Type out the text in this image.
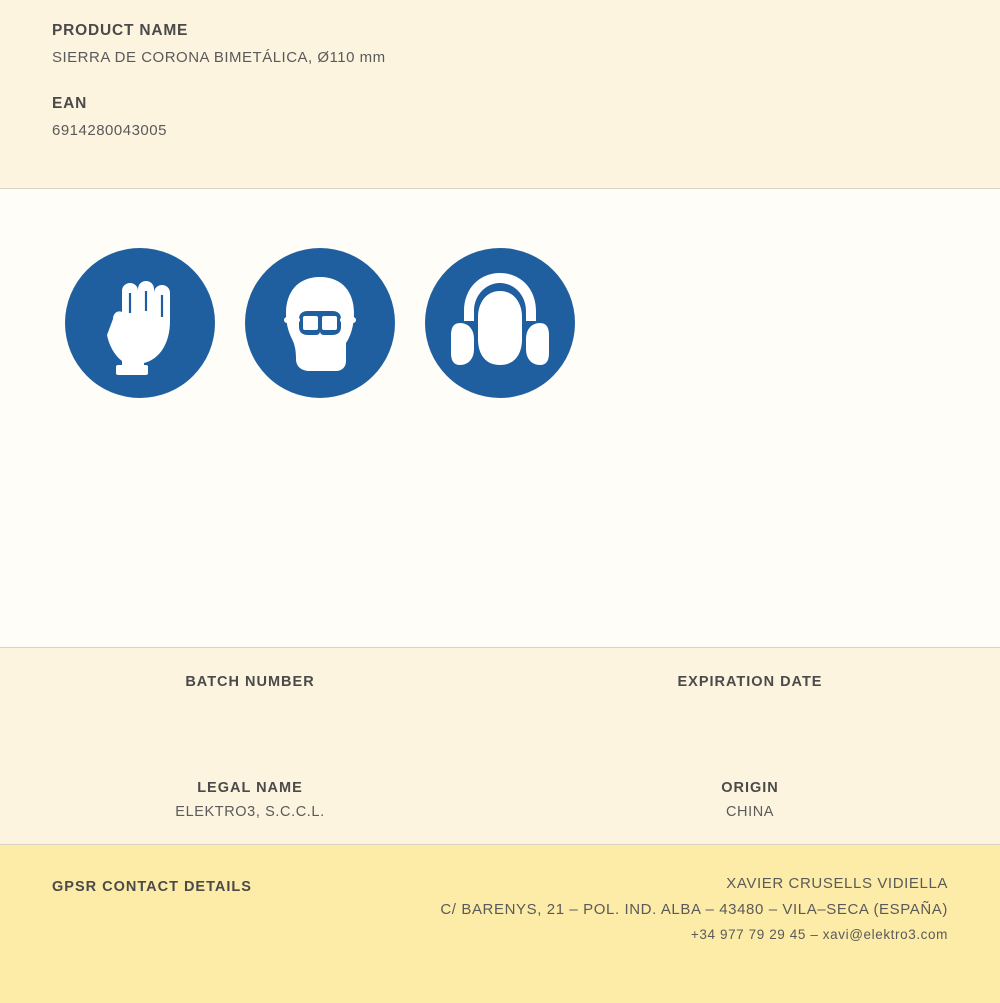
PRODUCT NAME
SIERRA DE CORONA BIMETÁLICA, Ø110 mm
EAN
6914280043005
BATCH NUMBER	EXPIRATION DATE
LEGAL NAME
ELEKTRO3, S.C.C.L.
ORIGIN
CHINA
GPSR CONTACT DETAILS	XAVIER CRUSELLS VIDIELLA
C/ BARENYS, 21 – POL. IND. ALBA – 43480 – VILA–SECA (ESPAÑA)
+34 977 79 29 45 – xavi@elektro3.com
